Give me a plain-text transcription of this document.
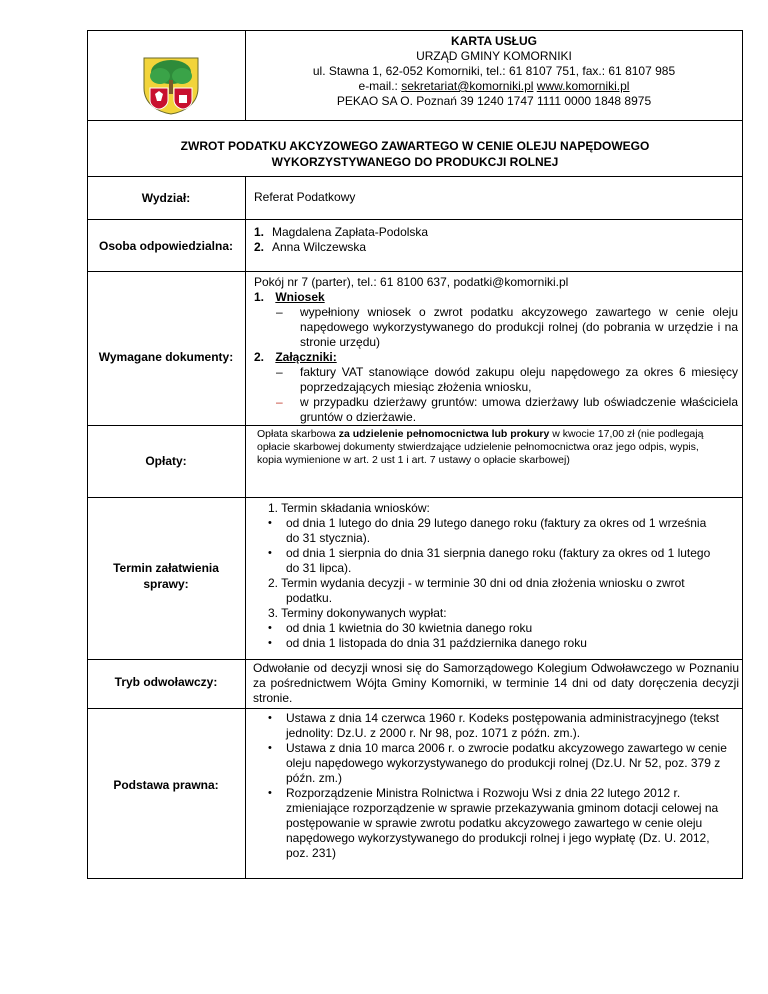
KARTA USŁUG
URZĄD GMINY KOMORNIKI
ul. Stawna 1, 62-052 Komorniki, tel.: 61 8107 751, fax.: 61 8107 985
e-mail.: sekretariat@komorniki.pl www.komorniki.pl
PEKAO SA O. Poznań 39 1240 1747 1111 0000 1848 8975
ZWROT PODATKU AKCYZOWEGO ZAWARTEGO W CENIE OLEJU NAPĘDOWEGO
WYKORZYSTYWANEGO DO PRODUKCJI ROLNEJ
Wydział:	Referat Podatkowy
Osoba odpowiedzialna:
1. Magdalena Zapłata-Podolska
2. Anna Wilczewska
Pokój nr 7 (parter), tel.: 61 8100 637, podatki@komorniki.pl
Wymagane dokumenty:
1. Wniosek
– wypełniony wniosek o zwrot podatku akcyzowego zawartego w cenie oleju napędowego wykorzystywanego do produkcji rolnej (do pobrania w urzędzie i na stronie urzędu)
2. Załączniki:
– faktury VAT stanowiące dowód zakupu oleju napędowego za okres 6 miesięcy poprzedzających miesiąc złożenia wniosku,
– w przypadku dzierżawy gruntów: umowa dzierżawy lub oświadczenie właściciela gruntów o dzierżawie.
Opłaty:
Opłata skarbowa za udzielenie pełnomocnictwa lub prokury w kwocie 17,00 zł (nie podlegają opłacie skarbowej dokumenty stwierdzające udzielenie pełnomocnictwa oraz jego odpis, wypis, kopia wymienione w art. 2 ust 1 i art. 7 ustawy o opłacie skarbowej)
Termin załatwienia
sprawy:
1. Termin składania wniosków:
• od dnia 1 lutego do dnia 29 lutego danego roku (faktury za okres od 1 września do 31 stycznia).
• od dnia 1 sierpnia do dnia 31 sierpnia danego roku (faktury za okres od 1 lutego do 31 lipca).
2. Termin wydania decyzji - w terminie 30 dni od dnia złożenia wniosku o zwrot
podatku.
3. Terminy dokonywanych wypłat:
• od dnia 1 kwietnia do 30 kwietnia danego roku
• od dnia 1 listopada do dnia 31 października danego roku
Tryb odwoławczy:
Odwołanie od decyzji wnosi się do Samorządowego Kolegium Odwoławczego w Poznaniu za pośrednictwem Wójta Gminy Komorniki, w terminie 14 dni od daty doręczenia decyzji stronie.
Podstawa prawna:
• Ustawa z dnia 14 czerwca 1960 r. Kodeks postępowania administracyjnego (tekst jednolity: Dz.U. z 2000 r. Nr 98, poz. 1071 z późn. zm.).
• Ustawa z dnia 10 marca 2006 r. o zwrocie podatku akcyzowego zawartego w cenie oleju napędowego wykorzystywanego do produkcji rolnej (Dz.U. Nr 52, poz. 379 z późn. zm.)
• Rozporządzenie Ministra Rolnictwa i Rozwoju Wsi z dnia 22 lutego 2012 r. zmieniające rozporządzenie w sprawie przekazywania gminom dotacji celowej na postępowanie w sprawie zwrotu podatku akcyzowego zawartego w cenie oleju napędowego wykorzystywanego do produkcji rolnej i jego wypłatę (Dz. U. 2012, poz. 231)
